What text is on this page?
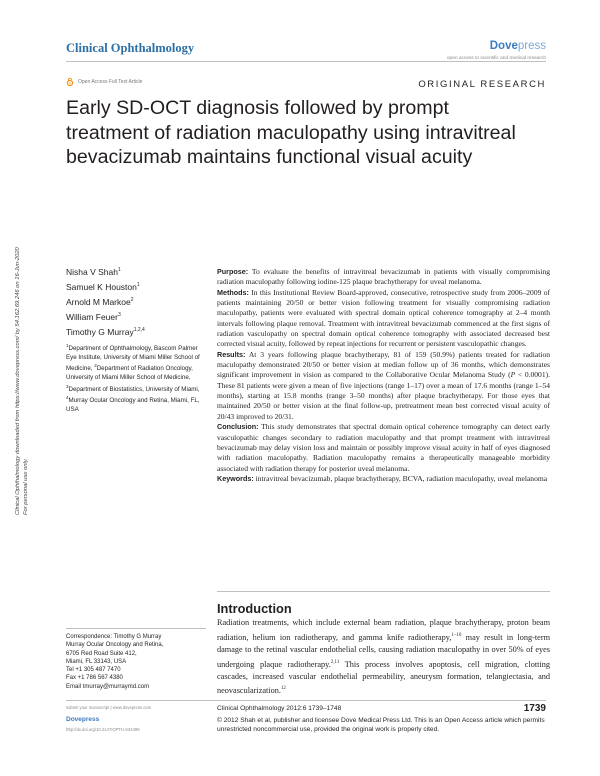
Clinical Ophthalmology	Dovepress
open access to scientific and medical research
Open Access Full Text Article	ORIGINAL RESEARCH
Early SD-OCT diagnosis followed by prompt treatment of radiation maculopathy using intravitreal bevacizumab maintains functional visual acuity
Clinical Ophthalmology downloaded from https://www.dovepress.com/ by 54.162.69.246 on 16-Jun-2020 For personal use only.
Nisha V Shah$^1$
Samuel K Houston$^1$
Arnold M Markoe$^2$
William Feuer$^3$
Timothy G Murray$^{1,2,4}$
$^1$Department of Ophthalmology, Bascom Palmer Eye Institute, University of Miami Miller School of Medicine, $^2$Department of Radiation Oncology, University of Miami Miller School of Medicine, $^3$Department of Biostatistics, University of Miami, $^4$Murray Ocular Oncology and Retina, Miami, FL, USA

Purpose: To evaluate the benefits of intravitreal bevacizumab in patients with visually compromising radiation maculopathy following iodine-125 plaque brachytherapy for uveal melanoma.

Methods: In this Institutional Review Board-approved, consecutive, retrospective study from 2006–2009 of patients maintaining 20/50 or better vision following treatment for visually compromising radiation maculopathy, patients were evaluated with spectral domain optical coherence tomography at 2–4 month intervals following plaque removal. Treatment with intravitreal bevacizumab commenced at the first signs of radiation vasculopathy on spectral domain optical coherence tomography with associated decreased best corrected visual acuity, followed by repeat injections for recurrent or persistent vasculopathic changes.

Results: At 3 years following plaque brachytherapy, 81 of 159 (50.9%) patients treated for radiation maculopathy demonstrated 20/50 or better vision at median follow up of 36 months, which demonstrates significant improvement in vision as compared to the Collaborative Ocular Melanoma Study (P < 0.0001). These 81 patients were given a mean of five injections (range 1–17) over a mean of 17.6 months (range 1–54 months), starting at 15.8 months (range 3–50 months) after plaque brachytherapy. For those eyes that maintained 20/50 or better vision at the final follow-up, pretreatment mean best corrected visual acuity of 20/43 improved to 20/31.

Conclusion: This study demonstrates that spectral domain optical coherence tomography can detect early vasculopathic changes secondary to radiation maculopathy and that prompt treatment with intravitreal bevacizumab may delay vision loss and maintain or possibly improve visual acuity in half of eyes diagnosed with radiation maculopathy. Radiation maculopathy remains a therapeutically manageable morbidity associated with radiation therapy for posterior uveal melanoma.

Keywords: intravitreal bevacizumab, plaque brachytherapy, BCVA, radiation maculopathy, uveal melanoma

Introduction
Radiation treatments, which include external beam radiation, plaque brachytherapy, proton beam radiation, helium ion radiotherapy, and gamma knife radiotherapy,$^{1-10}$ may result in long-term damage to the retinal vascular endothelial cells, causing radiation maculopathy in over 50% of eyes undergoing plaque radiotherapy.$^{2,11}$ This process involves apoptosis, cell migration, clotting cascades, increased vascular endothelial permeability, aneurysm formation, telangiectasia, and neovascularization.$^{12}$
Correspondence: Timothy G Murray
Murray Ocular Oncology and Retina,
6705 Red Road Suite 412,
Miami, FL 33143, USA
Tel +1 305 487 7470
Fax +1 786 567 4380
Email tmurray@murraymd.com
submit your manuscript | www.dovepress.com
Dovepress
http://dx.doi.org/10.2147/OPTH.S34499
Clinical Ophthalmology 2012:6 1739–1748	1739
© 2012 Shah et al, publisher and licensee Dove Medical Press Ltd. This is an Open Access article which permits unrestricted noncommercial use, provided the original work is properly cited.
